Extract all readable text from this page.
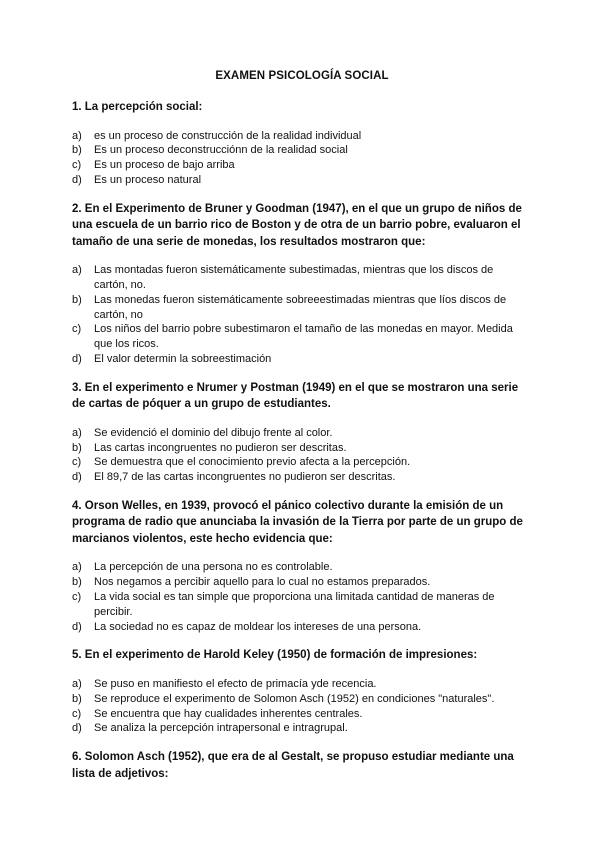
EXAMEN PSICOLOGÍA SOCIAL
1. La percepción social:
a)	es un proceso de construcción de la realidad individual
b)	Es un proceso deconstrucciónn de la realidad social
c)	Es un proceso de bajo arriba
d)	Es un proceso natural
2. En el Experimento de Bruner y Goodman (1947), en el que un grupo de niños de una escuela de un barrio rico de Boston y de otra de un barrio pobre, evaluaron el tamaño de una serie de monedas, los resultados mostraron que:
a)	Las montadas fueron sistemáticamente subestimadas, mientras que los discos de cartón, no.
b)	Las monedas fueron sistemáticamente sobreeestimadas mientras que líos discos de cartón, no
c)	Los niños del barrio pobre subestimaron el tamaño de las monedas en mayor. Medida que los ricos.
d)	El valor determin la sobreestimación
3. En el experimento e Nrumer y Postman (1949) en el que se mostraron una serie de cartas de póquer a un grupo de estudiantes.
a)	Se evidenció el dominio del dibujo frente al color.
b)	Las cartas incongruentes no pudieron ser descritas.
c)	Se demuestra que el conocimiento previo afecta a la percepción.
d)	El 89,7 de las cartas incongruentes no pudieron ser descritas.
4. Orson Welles, en 1939, provocó el pánico colectivo durante la emisión de un programa de radio que anunciaba la invasión de la Tierra por parte de un grupo de marcianos violentos, este hecho evidencia que:
a)	La percepción de una persona no es controlable.
b)	Nos negamos a percibir aquello para lo cual no estamos preparados.
c)	La vida social es tan simple que proporciona una limitada cantidad de maneras de percibir.
d)	La sociedad no es capaz de moldear los intereses de una persona.
5. En el experimento de Harold Keley (1950) de formación de impresiones:
a)	Se puso en manifiesto el efecto de primacía yde recencia.
b)	Se reproduce el experimento de Solomon Asch (1952) en condiciones "naturales".
c)	Se encuentra que hay cualidades inherentes centrales.
d)	Se analiza la percepción intrapersonal e intragrupal.
6. Solomon Asch (1952), que era de al Gestalt, se propuso estudiar mediante una lista de adjetivos:
